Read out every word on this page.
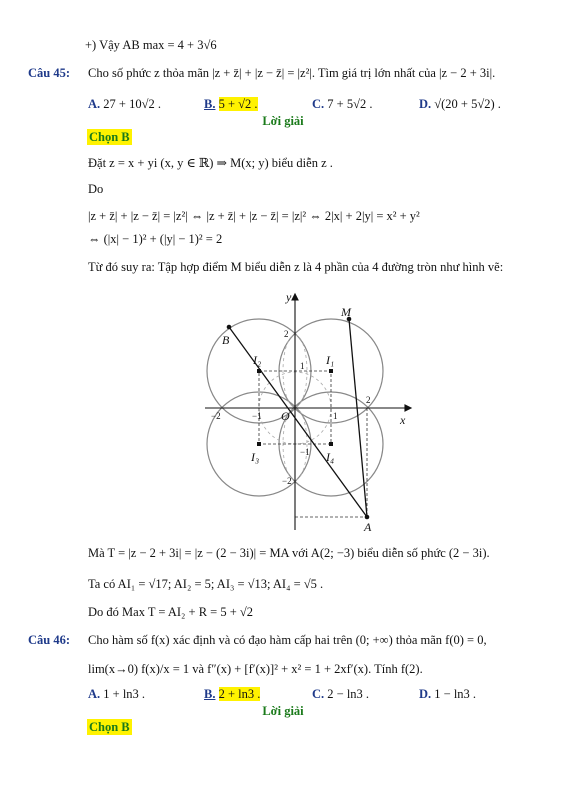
+) Vậy AB max = 4 + 3√6
Câu 45: Cho số phức z thỏa mãn |z + z̄| + |z − z̄| = |z²|. Tìm giá trị lớn nhất của |z − 2 + 3i|.
A. 27 + 10√2 .	B. 5 + √2 .	C. 7 + 5√2 .	D. √(20 + 5√2) .
Lời giải
Chọn B
Đặt z = x + yi (x, y ∈ ℝ) ⇒ M(x; y) biểu diễn z .
Do
|z + z̄| + |z − z̄| = |z²| ⇔ |z + z̄| + |z − z̄| = |z|² ⇔ 2|x| + 2|y| = x² + y²
⇔ (|x| − 1)² + (|y| − 1)² = 2
Từ đó suy ra: Tập hợp điểm M biểu diễn z là 4 phần của 4 đường tròn như hình vẽ:
y
x
O
M
B
A
I₁
I₂
I₃	I₄
−2	−1	1
2
2
1
−1
−2
Mà T = |z − 2 + 3i| = |z − (2 − 3i)| = MA với A(2; −3) biểu diễn số phức (2 − 3i).
Ta có AI₁ = √17; AI₂ = 5; AI₃ = √13; AI₄ = √5 .
Do đó Max T = AI₂ + R = 5 + √2
Câu 46: Cho hàm số f(x) xác định và có đạo hàm cấp hai trên (0; +∞) thỏa mãn f(0) = 0,
lim(x→0) f(x)/x = 1 và f″(x) + [f′(x)]² + x² = 1 + 2xf′(x). Tính f(2).
A. 1 + ln3 .	B. 2 + ln3 .	C. 2 − ln3 .	D. 1 − ln3 .
Lời giải
Chọn B
